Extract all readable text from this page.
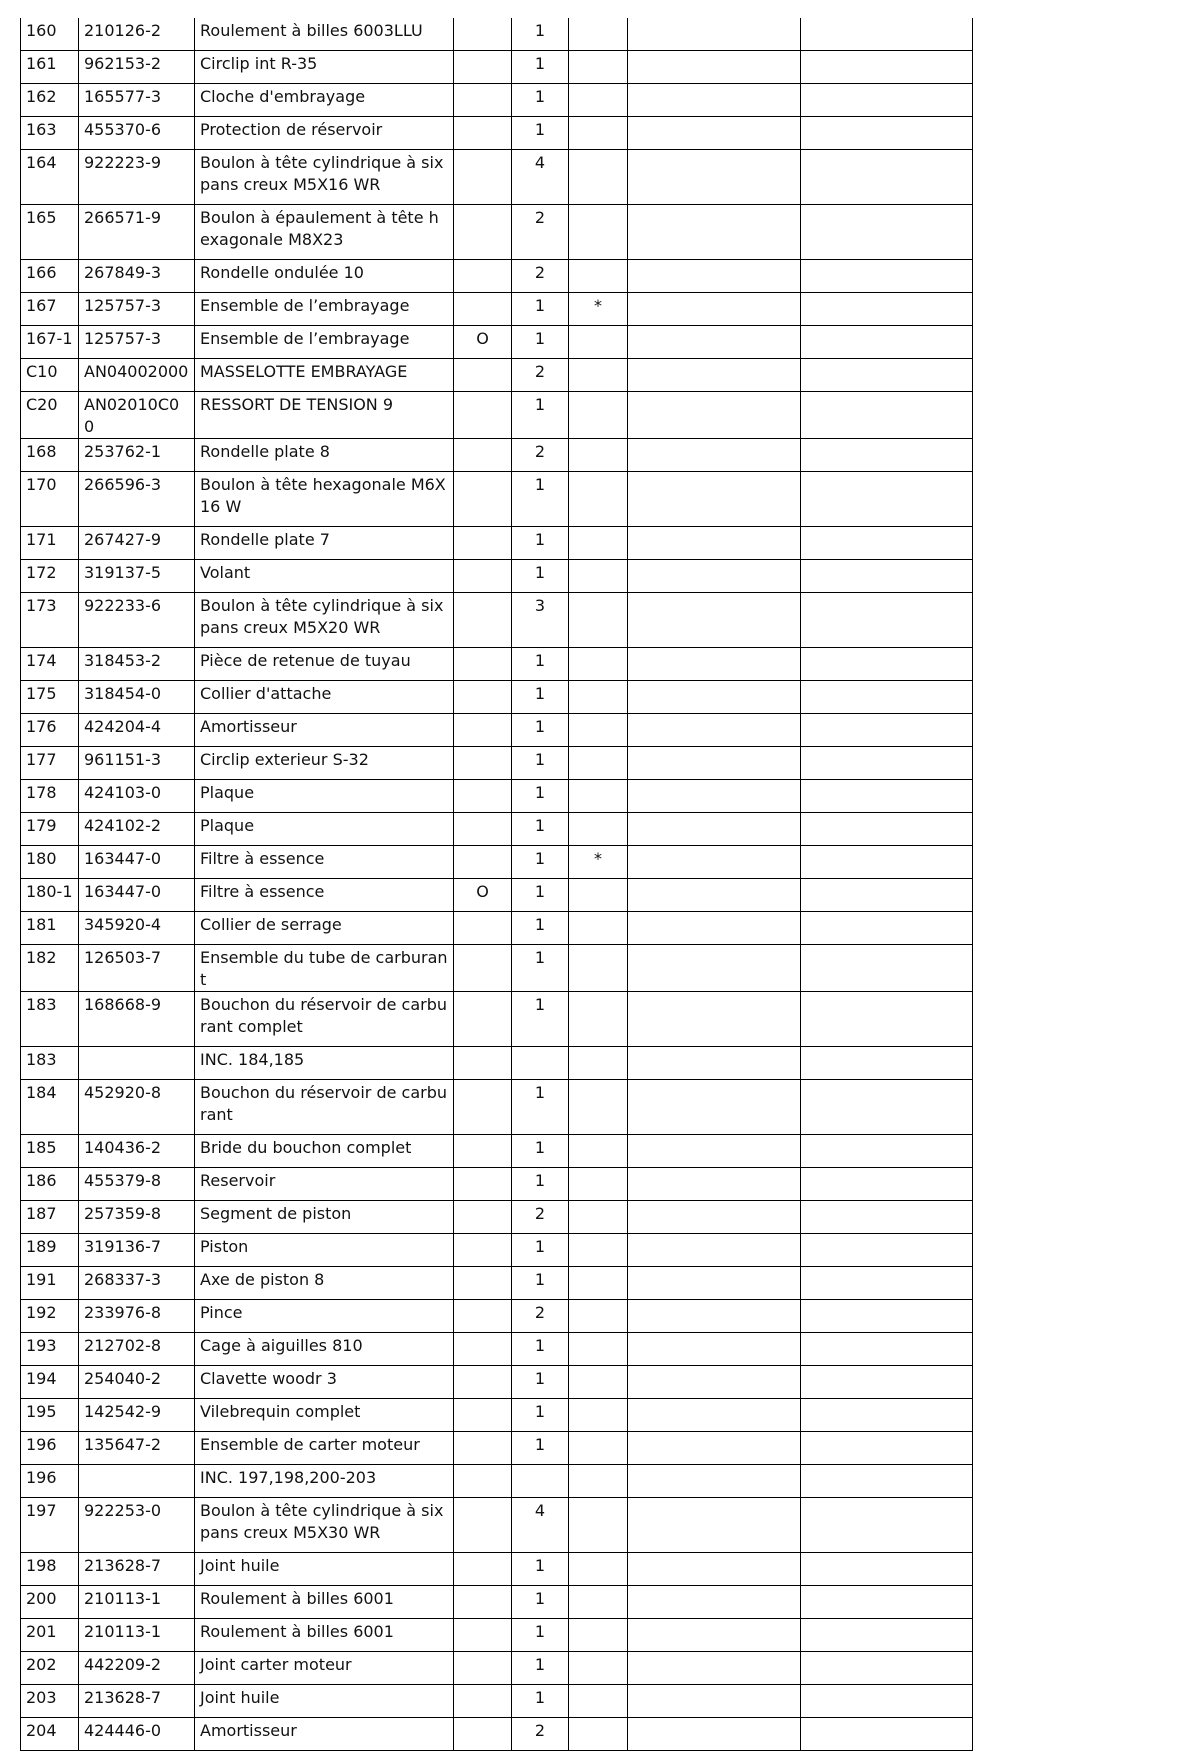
160	210126-2	Roulement à billes 6003LLU		1			
161	962153-2	Circlip int R-35		1			
162	165577-3	Cloche d'embrayage		1			
163	455370-6	Protection de réservoir		1			
164	922223-9	Boulon à tête cylindrique à six pans creux M5X16 WR		4			
165	266571-9	Boulon à épaulement à tête hexagonale M8X23		2			
166	267849-3	Rondelle ondulée 10		2			
167	125757-3	Ensemble de l’embrayage		1	*		
167-1	125757-3	Ensemble de l’embrayage	O	1			
C10	AN04002000	MASSELOTTE EMBRAYAGE		2			
C20	AN02010C00	RESSORT DE TENSION 9		1			
168	253762-1	Rondelle plate 8		2			
170	266596-3	Boulon à tête hexagonale M6X16 W		1			
171	267427-9	Rondelle plate 7		1			
172	319137-5	Volant		1			
173	922233-6	Boulon à tête cylindrique à six pans creux M5X20 WR		3			
174	318453-2	Pièce de retenue de tuyau		1			
175	318454-0	Collier d'attache		1			
176	424204-4	Amortisseur		1			
177	961151-3	Circlip exterieur S-32		1			
178	424103-0	Plaque		1			
179	424102-2	Plaque		1			
180	163447-0	Filtre à essence		1	*		
180-1	163447-0	Filtre à essence	O	1			
181	345920-4	Collier de serrage		1			
182	126503-7	Ensemble du tube de carburant		1			
183	168668-9	Bouchon du réservoir de carburant complet		1			
183		INC. 184,185					
184	452920-8	Bouchon du réservoir de carburant		1			
185	140436-2	Bride du bouchon complet		1			
186	455379-8	Reservoir		1			
187	257359-8	Segment de piston		2			
189	319136-7	Piston		1			
191	268337-3	Axe de piston 8		1			
192	233976-8	Pince		2			
193	212702-8	Cage à aiguilles 810		1			
194	254040-2	Clavette woodr 3		1			
195	142542-9	Vilebrequin complet		1			
196	135647-2	Ensemble de carter moteur		1			
196		INC. 197,198,200-203					
197	922253-0	Boulon à tête cylindrique à six pans creux M5X30 WR		4			
198	213628-7	Joint huile		1			
200	210113-1	Roulement à billes 6001		1			
201	210113-1	Roulement à billes 6001		1			
202	442209-2	Joint carter moteur		1			
203	213628-7	Joint huile		1			
204	424446-0	Amortisseur		2			
